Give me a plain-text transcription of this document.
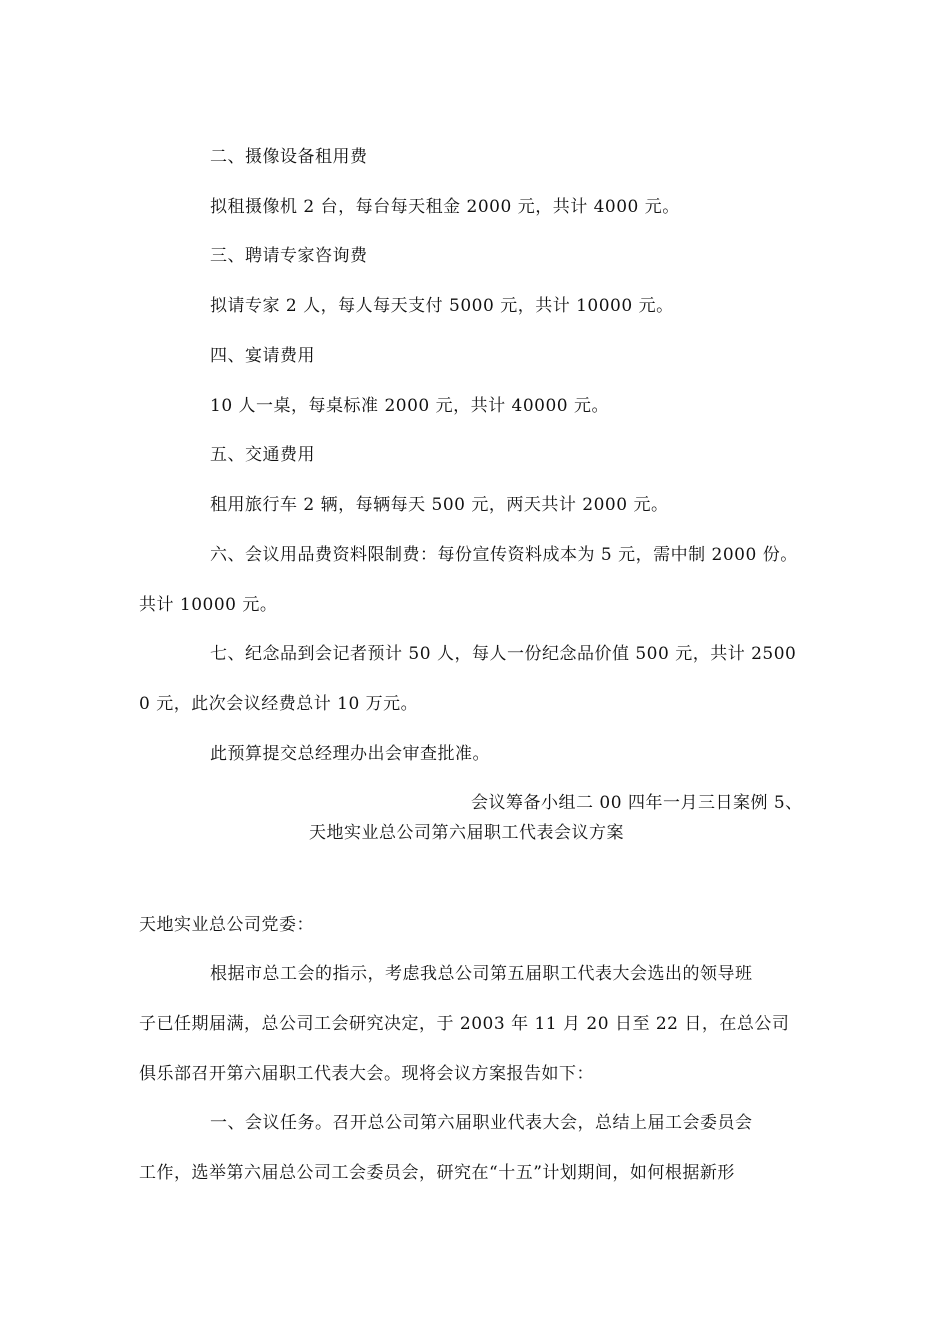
二、摄像设备租用费
拟租摄像机 2 台，每台每天租金 2000 元，共计 4000 元。
三、聘请专家咨询费
拟请专家 2 人，每人每天支付 5000 元，共计 10000 元。
四、宴请费用
10 人一桌，每桌标准 2000 元，共计 40000 元。
五、交通费用
租用旅行车 2 辆，每辆每天 500 元，两天共计 2000 元。
六、会议用品费资料限制费：每份宣传资料成本为 5 元，需中制 2000 份。
共计 10000 元。
七、纪念品到会记者预计 50 人，每人一份纪念品价值 500 元，共计 2500
0 元，此次会议经费总计 10 万元。
此预算提交总经理办出会审查批准。
会议筹备小组二 00 四年一月三日案例 5、
天地实业总公司第六届职工代表会议方案
天地实业总公司党委：
根据市总工会的指示，考虑我总公司第五届职工代表大会选出的领导班
子已任期届满，总公司工会研究决定，于 2003 年 11 月 20 日至 22 日，在总公司
俱乐部召开第六届职工代表大会。现将会议方案报告如下：
一、会议任务。召开总公司第六届职业代表大会，总结上届工会委员会
工作，选举第六届总公司工会委员会，研究在“十五”计划期间，如何根据新形
